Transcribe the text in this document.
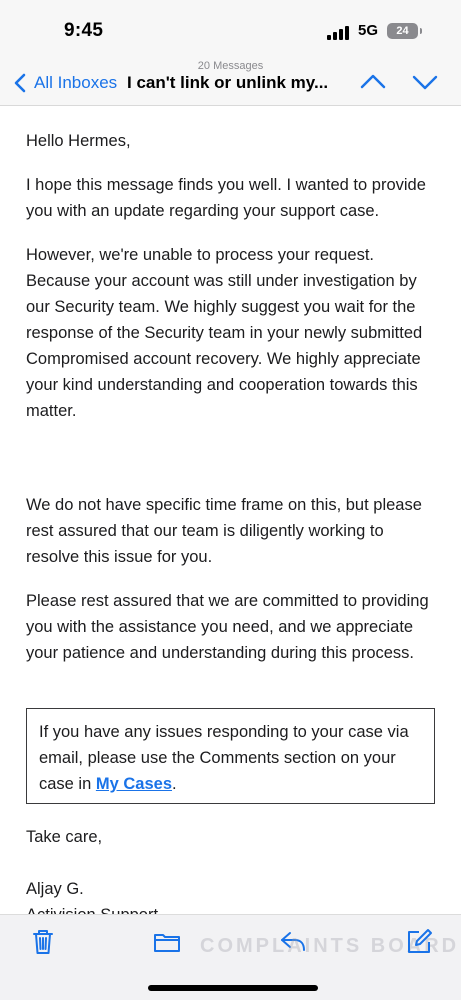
9:45	5G	24
20 Messages
All Inboxes I can't link or unlink my...

Hello Hermes,

I hope this message finds you well. I wanted to provide you with an update regarding your support case.

However, we're unable to process your request. Because your account was still under investigation by our Security team. We highly suggest you wait for the response of the Security team in your newly submitted Compromised account recovery. We highly appreciate your kind understanding and cooperation towards this matter.

We do not have specific time frame on this, but please rest assured that our team is diligently working to resolve this issue for you.

Please rest assured that we are committed to providing you with the assistance you need, and we appreciate your patience and understanding during this process.

If you have any issues responding to your case via email, please use the Comments section on your case in My Cases.

Take care,

Aljay G.

COMPLAINTS BOARD
